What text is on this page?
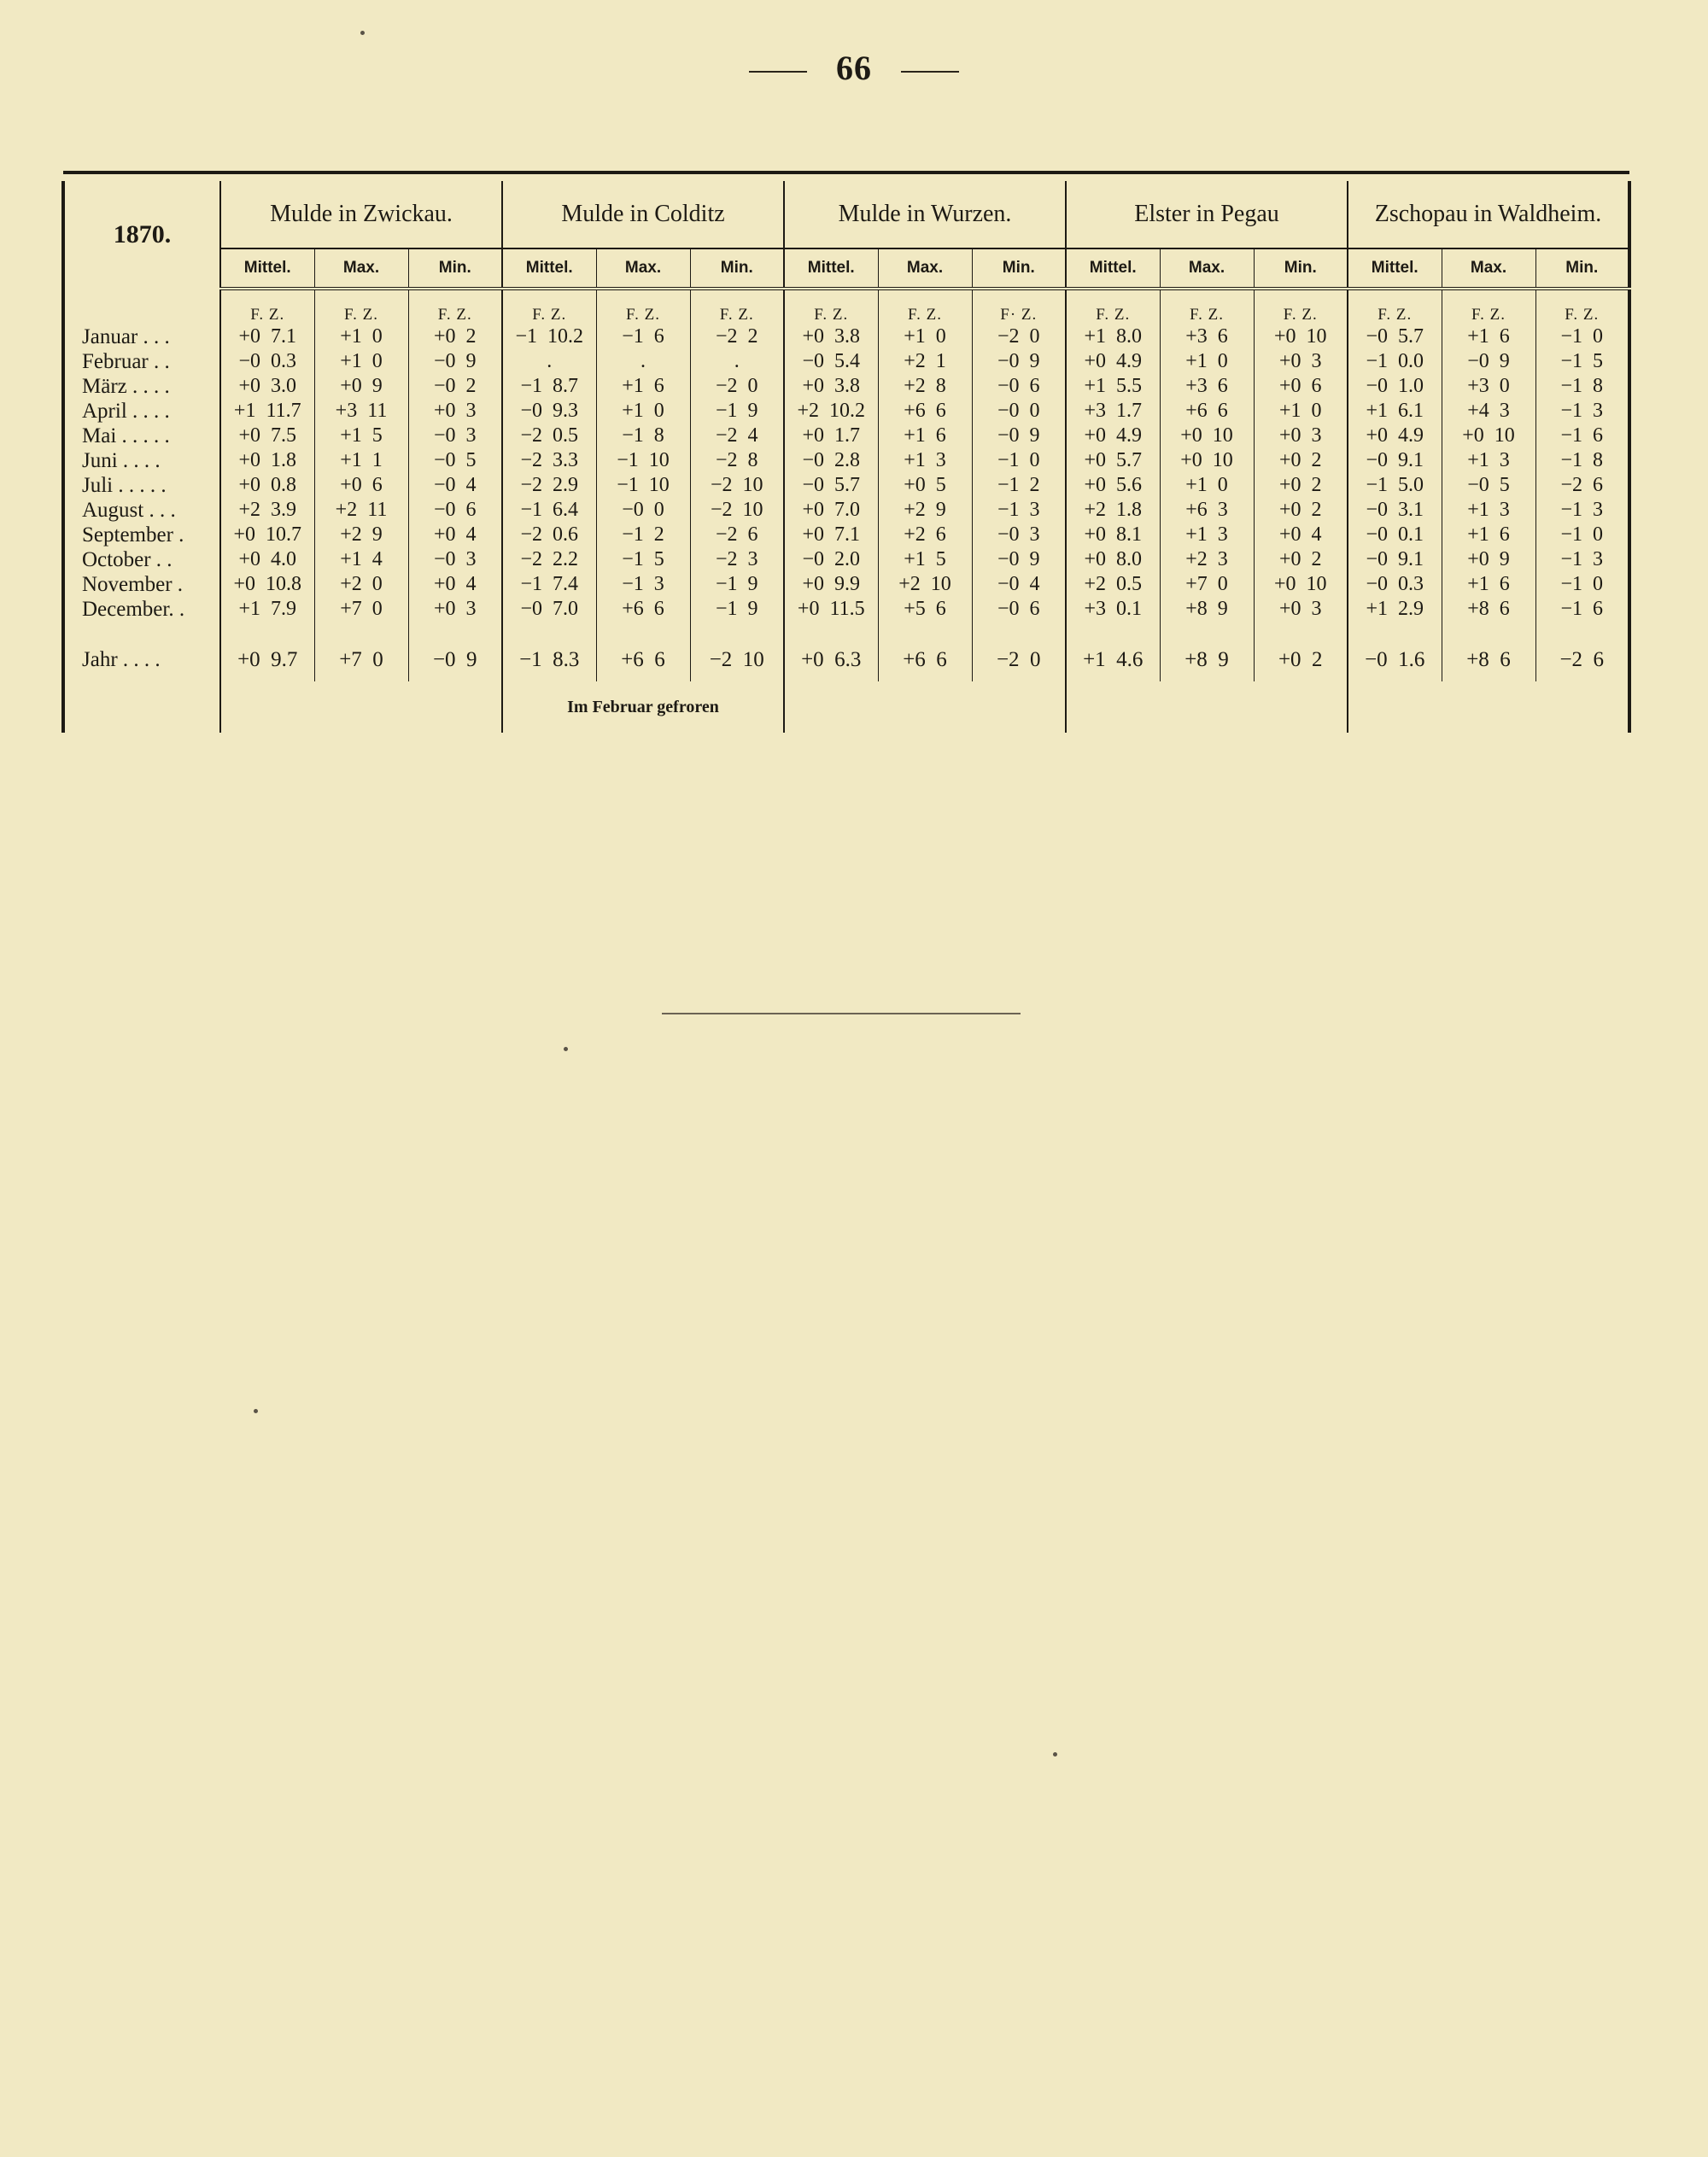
66

1870.	Mulde in Zwickau.			Mulde in Colditz			Mulde in Wurzen.			Elster in Pegau			Zschopau in Waldheim.		
	Mittel.	Max.	Min.	Mittel.	Max.	Min.	Mittel.	Max.	Min.	Mittel.	Max.	Min.	Mittel.	Max.	Min.
	F. Z.	F. Z.	F. Z.	F. Z.	F. Z.	F. Z.	F. Z.	F. Z.	F· Z.	F. Z.	F. Z.	F. Z.	F. Z.	F. Z.	F. Z.
Januar . . .	+0  7.1	+1  0	+0  2	−1  10.2	−1  6	−2  2	+0  3.8	+1  0	−2  0	+1  8.0	+3  6	+0  10	−0  5.7	+1  6	−1  0
Februar . .	−0  0.3	+1  0	−0  9	.	.	.	−0  5.4	+2  1	−0  9	+0  4.9	+1  0	+0  3	−1  0.0	−0  9	−1  5
März . . . .	+0  3.0	+0  9	−0  2	−1  8.7	+1  6	−2  0	+0  3.8	+2  8	−0  6	+1  5.5	+3  6	+0  6	−0  1.0	+3  0	−1  8
April . . . .	+1  11.7	+3  11	+0  3	−0  9.3	+1  0	−1  9	+2  10.2	+6  6	−0  0	+3  1.7	+6  6	+1  0	+1  6.1	+4  3	−1  3
Mai . . . . .	+0  7.5	+1  5	−0  3	−2  0.5	−1  8	−2  4	+0  1.7	+1  6	−0  9	+0  4.9	+0  10	+0  3	+0  4.9	+0  10	−1  6
Juni . . . .	+0  1.8	+1  1	−0  5	−2  3.3	−1  10	−2  8	−0  2.8	+1  3	−1  0	+0  5.7	+0  10	+0  2	−0  9.1	+1  3	−1  8
Juli . . . . .	+0  0.8	+0  6	−0  4	−2  2.9	−1  10	−2  10	−0  5.7	+0  5	−1  2	+0  5.6	+1  0	+0  2	−1  5.0	−0  5	−2  6
August . . .	+2  3.9	+2  11	−0  6	−1  6.4	−0  0	−2  10	+0  7.0	+2  9	−1  3	+2  1.8	+6  3	+0  2	−0  3.1	+1  3	−1  3
September .	+0  10.7	+2  9	+0  4	−2  0.6	−1  2	−2  6	+0  7.1	+2  6	−0  3	+0  8.1	+1  3	+0  4	−0  0.1	+1  6	−1  0
October . .	+0  4.0	+1  4	−0  3	−2  2.2	−1  5	−2  3	−0  2.0	+1  5	−0  9	+0  8.0	+2  3	+0  2	−0  9.1	+0  9	−1  3
November .	+0  10.8	+2  0	+0  4	−1  7.4	−1  3	−1  9	+0  9.9	+2  10	−0  4	+2  0.5	+7  0	+0  10	−0  0.3	+1  6	−1  0
December. .	+1  7.9	+7  0	+0  3	−0  7.0	+6  6	−1  9	+0  11.5	+5  6	−0  6	+3  0.1	+8  9	+0  3	+1  2.9	+8  6	−1  6

Jahr . . . .	+0  9.7	+7  0	−0  9	−1  8.3	+6  6	−2  10	+0  6.3	+6  6	−2  0	+1  4.6	+8  9	+0  2	−0  1.6	+8  6	−2  6
				Im Februar gefroren											
